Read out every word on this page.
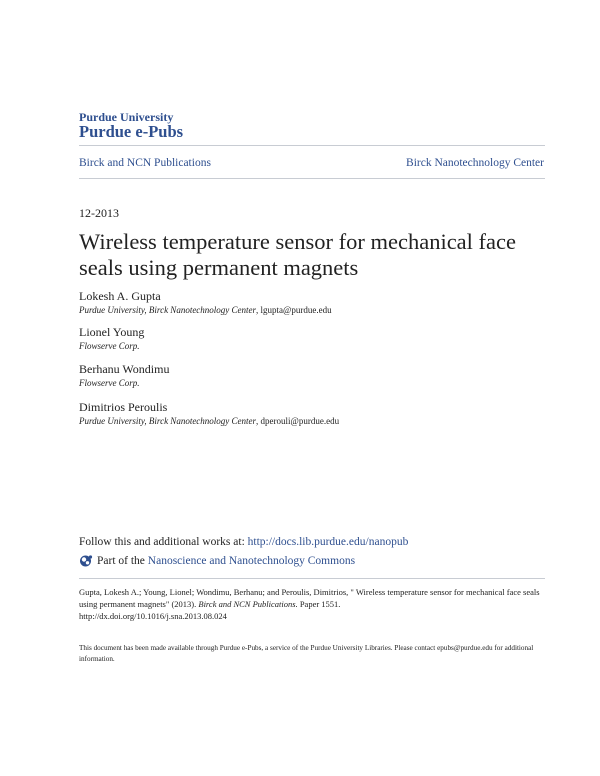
Purdue University
Purdue e-Pubs
Birck and NCN Publications	Birck Nanotechnology Center
12-2013
Wireless temperature sensor for mechanical face seals using permanent magnets
Lokesh A. Gupta
Purdue University, Birck Nanotechnology Center, lgupta@purdue.edu
Lionel Young
Flowserve Corp.
Berhanu Wondimu
Flowserve Corp.
Dimitrios Peroulis
Purdue University, Birck Nanotechnology Center, dperouli@purdue.edu
Follow this and additional works at: http://docs.lib.purdue.edu/nanopub
Part of the Nanoscience and Nanotechnology Commons
Gupta, Lokesh A.; Young, Lionel; Wondimu, Berhanu; and Peroulis, Dimitrios, " Wireless temperature sensor for mechanical face seals using permanent magnets" (2013). Birck and NCN Publications. Paper 1551.
http://dx.doi.org/10.1016/j.sna.2013.08.024
This document has been made available through Purdue e-Pubs, a service of the Purdue University Libraries. Please contact epubs@purdue.edu for additional information.
